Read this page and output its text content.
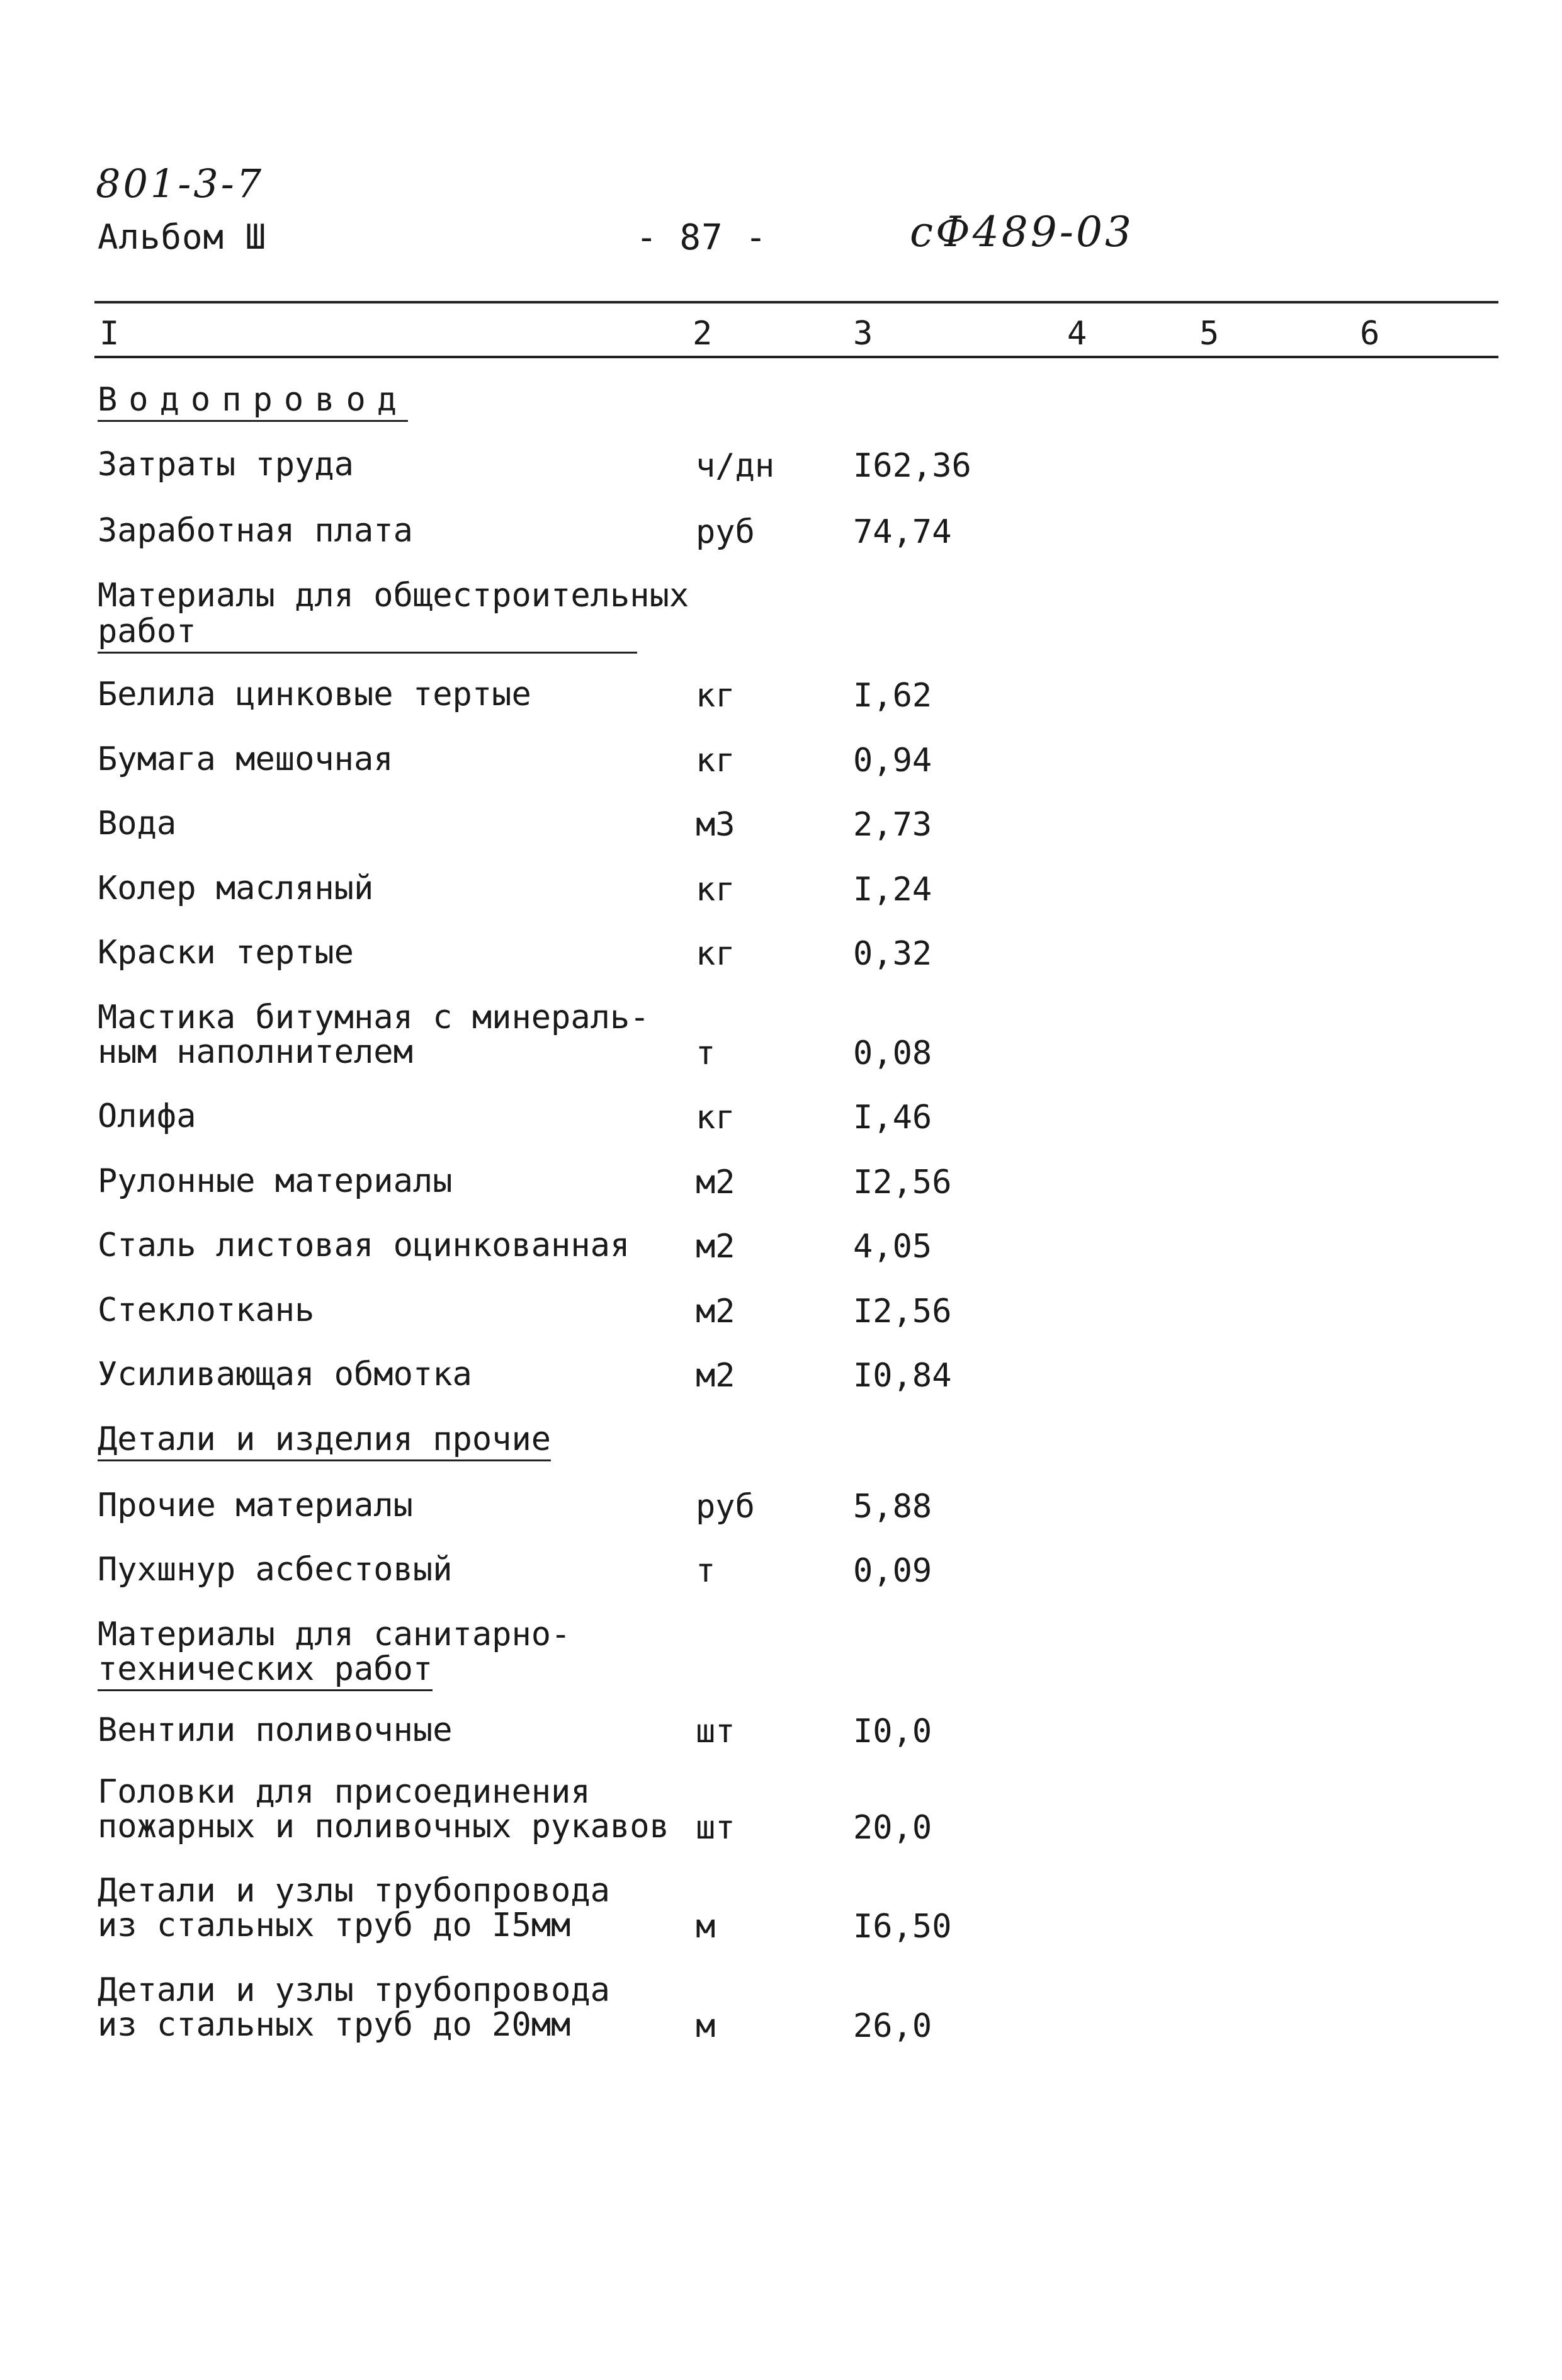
801-3-7
Альбом Ш	- 87 -	сФ489-03
I	2	3	4	5	6
Водопровод
Затраты труда	ч/дн I62,36
Заработная плата	руб	74,74
Материалы для общестроительных
работ
Белила цинковые тертые	кг	I,62
Бумага мешочная	кг	0,94
Вода	м3	2,73
Колер масляный	кг	I,24
Краски тертые	кг	0,32
Мастика битумная с минераль-
ным наполнителем	т	0,08
Олифа	кг	I,46
Рулонные материалы	м2	I2,56
Сталь листовая оцинкованная м2	4,05
Стеклоткань	м2	I2,56
Усиливающая обмотка	м2	I0,84
Детали и изделия прочие
Прочие материалы	руб	5,88
Пухшнур асбестовый	т	0,09
Материалы для санитарно-
технических работ
Вентили поливочные	шт	I0,0
Головки для присоединения
пожарных и поливочных рукавов шт	20,0
Детали и узлы трубопровода
из стальных труб до I5мм	м	I6,50
Детали и узлы трубопровода
из стальных труб до 20мм	м	26,0
